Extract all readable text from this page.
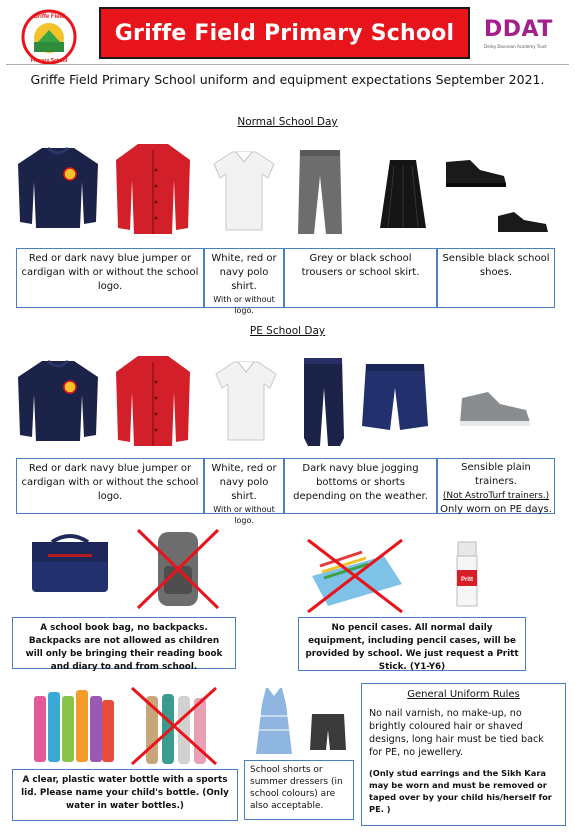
Griffe Field
Primary School
Griffe Field Primary School DDAT
Derby Diocesan Academy Trust
Griffe Field Primary School uniform and equipment expectations September 2021.
Normal School Day
Red or dark navy blue jumper or cardigan with or without the school logo.
White, red or navy polo shirt.
With or without logo.
Grey or black school trousers or school skirt.
Sensible black school shoes.
PE School Day
Red or dark navy blue jumper or cardigan with or without the school logo.
White, red or navy polo shirt.
With or without logo.
Dark navy blue jogging bottoms or shorts depending on the weather.
Sensible plain trainers.
(Not AstroTurf trainers.)
Only worn on PE days.
Pritt
A school book bag, no backpacks. Backpacks are not allowed as children will only be bringing their reading book and diary to and from school.
No pencil cases. All normal daily equipment, including pencil cases, will be provided by school. We just request a Pritt Stick. (Y1-Y6)
A clear, plastic water bottle with a sports lid. Please name your child's bottle. (Only water in water bottles.)
School shorts or summer dressers (in school colours) are also acceptable.
General Uniform Rules
No nail varnish, no make-up, no brightly coloured hair or shaved designs, long hair must be tied back for PE, no jewellery.
(Only stud earrings and the Sikh Kara may be worn and must be removed or taped over by your child his/herself for PE. )
